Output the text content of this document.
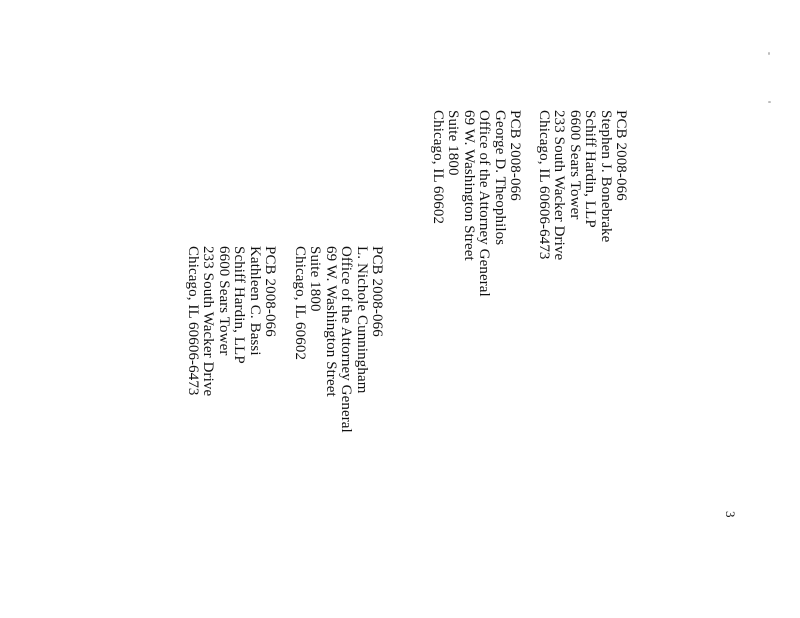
PCB 2008-066
Stephen J. Bonebrake
Schiff Hardin, LLP
6600 Sears Tower
233 South Wacker Drive
Chicago, IL 60606-6473
PCB 2008-066
George D. Theophilos
Office of the Attorney General
69 W. Washington Street
Suite 1800
Chicago, IL 60602
PCB 2008-066
L. Nichole Cunningham
Office of the Attorney General
69 W. Washington Street
Suite 1800
Chicago, IL 60602
PCB 2008-066
Kathleen C. Bassi
Schiff Hardin, LLP
6600 Sears Tower
233 South Wacker Drive
Chicago, IL 60606-6473
3
